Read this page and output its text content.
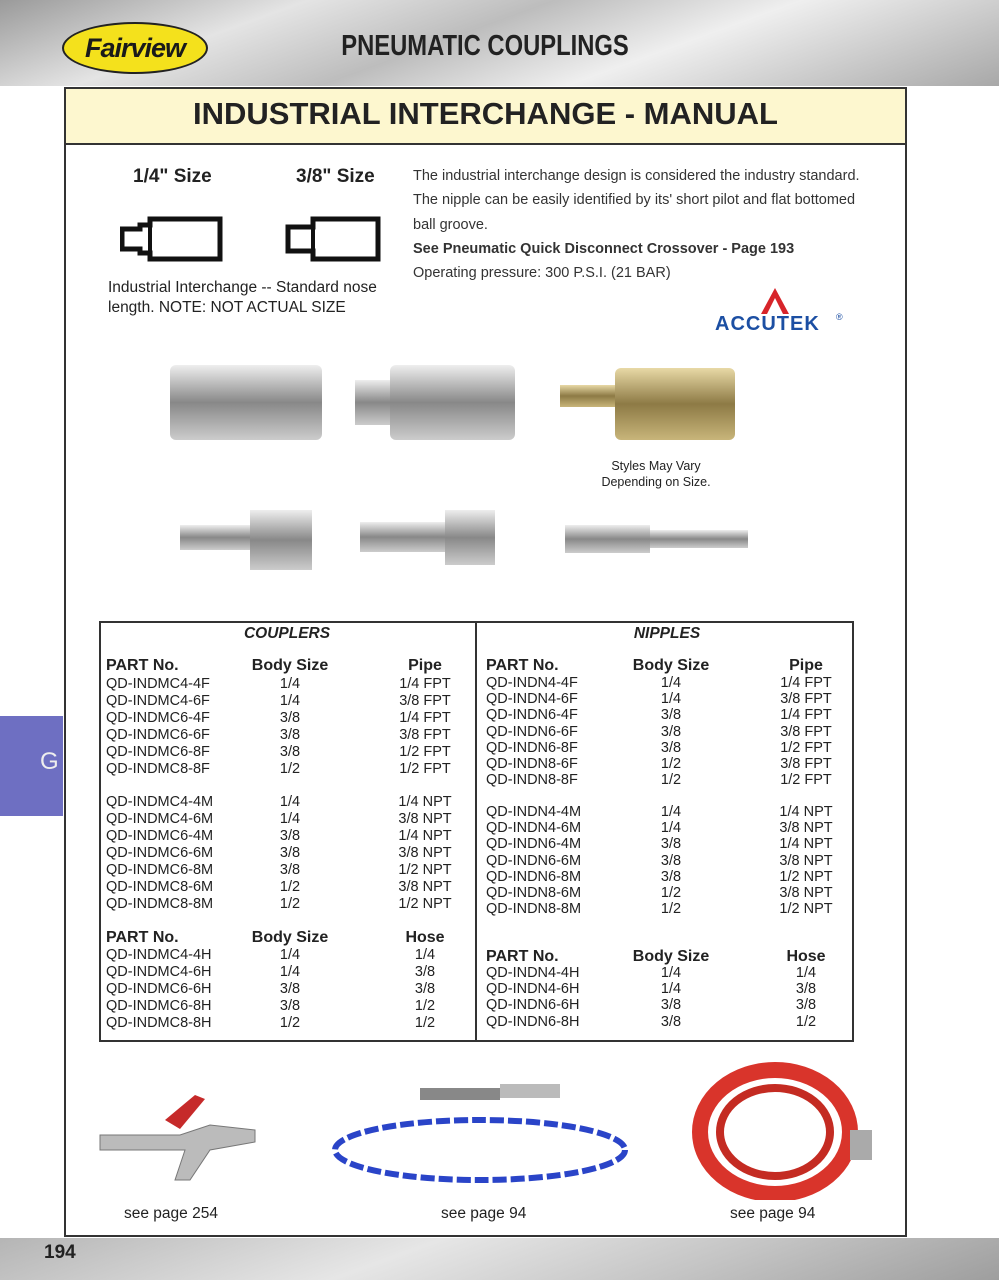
Fairview	PNEUMATIC COUPLINGS
INDUSTRIAL INTERCHANGE - MANUAL
1/4" Size	3/8" Size
Industrial Interchange -- Standard nose length. NOTE: NOT ACTUAL SIZE
The industrial interchange design is considered the industry standard.
The nipple can be easily identified by its' short pilot and flat bottomed
ball groove.
See Pneumatic Quick Disconnect Crossover - Page 193
Operating pressure: 300 P.S.I. (21 BAR)
ACCUTEK ®
Styles May Vary
Depending on Size.
COUPLERS
PART No.	Body Size	Pipe
QD-INDMC4-4F	1/4	1/4 FPT
QD-INDMC4-6F	1/4	3/8 FPT
QD-INDMC6-4F	3/8	1/4 FPT
QD-INDMC6-6F	3/8	3/8 FPT
QD-INDMC6-8F	3/8	1/2 FPT
QD-INDMC8-8F	1/2	1/2 FPT
QD-INDMC4-4M	1/4	1/4 NPT
QD-INDMC4-6M	1/4	3/8 NPT
QD-INDMC6-4M	3/8	1/4 NPT
QD-INDMC6-6M	3/8	3/8 NPT
QD-INDMC6-8M	3/8	1/2 NPT
QD-INDMC8-6M	1/2	3/8 NPT
QD-INDMC8-8M	1/2	1/2 NPT
PART No.	Body Size	Hose
QD-INDMC4-4H	1/4	1/4
QD-INDMC4-6H	1/4	3/8
QD-INDMC6-6H	3/8	3/8
QD-INDMC6-8H	3/8	1/2
QD-INDMC8-8H	1/2	1/2
NIPPLES
PART No.	Body Size	Pipe
QD-INDN4-4F	1/4	1/4 FPT
QD-INDN4-6F	1/4	3/8 FPT
QD-INDN6-4F	3/8	1/4 FPT
QD-INDN6-6F	3/8	3/8 FPT
QD-INDN6-8F	3/8	1/2 FPT
QD-INDN8-6F	1/2	3/8 FPT
QD-INDN8-8F	1/2	1/2 FPT
QD-INDN4-4M	1/4	1/4 NPT
QD-INDN4-6M	1/4	3/8 NPT
QD-INDN6-4M	3/8	1/4 NPT
QD-INDN6-6M	3/8	3/8 NPT
QD-INDN6-8M	3/8	1/2 NPT
QD-INDN8-6M	1/2	3/8 NPT
QD-INDN8-8M	1/2	1/2 NPT
PART No.	Body Size	Hose
QD-INDN4-4H	1/4	1/4
QD-INDN4-6H	1/4	3/8
QD-INDN6-6H	3/8	3/8
QD-INDN6-8H	3/8	1/2
see page 254	see page 94	see page 94
G
194
